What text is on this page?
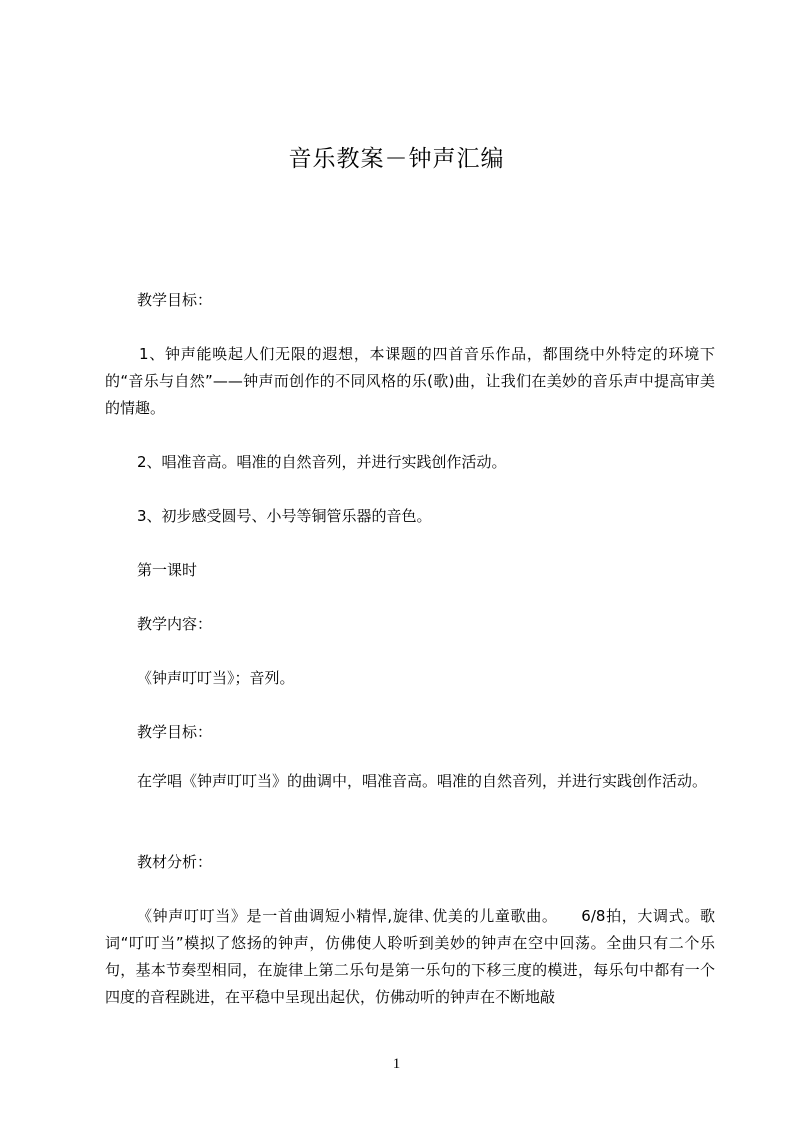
音乐教案－钟声汇编
教学目标：
1、钟声能唤起人们无限的遐想，本课题的四首音乐作品，都围绕中外特定的环境下的“音乐与自然”——钟声而创作的不同风格的乐(歌)曲，让我们在美妙的音乐声中提高审美的情趣。
2、唱准音高。唱准的自然音列，并进行实践创作活动。
3、初步感受圆号、小号等铜管乐器的音色。
第一课时
教学内容：
《钟声叮叮当》；音列。
教学目标：
在学唱《钟声叮叮当》的曲调中，唱准音高。唱准的自然音列，并进行实践创作活动。
教材分析：
《钟声叮叮当》是一首曲调短小精悍,旋律､优美的儿童歌曲。　　6/8拍，大调式。歌词“叮叮当”模拟了悠扬的钟声，仿佛使人聆听到美妙的钟声在空中回荡。全曲只有二个乐句，基本节奏型相同，在旋律上第二乐句是第一乐句的下移三度的模进，每乐句中都有一个四度的音程跳进，在平稳中呈现出起伏，仿佛动听的钟声在不断地敲
1
